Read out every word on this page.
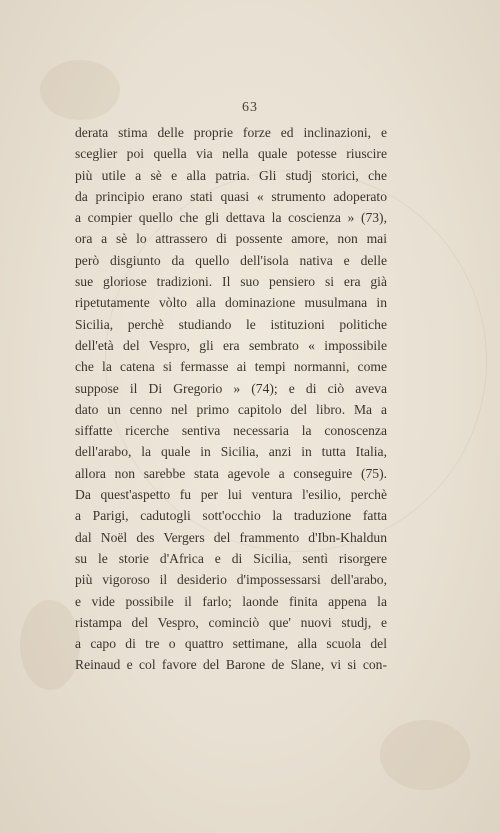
63
derata stima delle proprie forze ed inclinazioni, e
sceglier poi quella via nella quale potesse riuscire
più utile a sè e alla patria. Gli studj storici, che
da principio erano stati quasi « strumento adoperato
a compier quello che gli dettava la coscienza » (73),
ora a sè lo attrassero di possente amore, non mai
però disgiunto da quello dell'isola nativa e delle
sue gloriose tradizioni. Il suo pensiero si era già
ripetutamente vòlto alla dominazione musulmana in
Sicilia, perchè studiando le istituzioni politiche
dell'età del Vespro, gli era sembrato « impossibile
che la catena si fermasse ai tempi normanni, come
suppose il Di Gregorio » (74); e di ciò aveva
dato un cenno nel primo capitolo del libro. Ma a
siffatte ricerche sentiva necessaria la conoscenza
dell'arabo, la quale in Sicilia, anzi in tutta Italia,
allora non sarebbe stata agevole a conseguire (75).
Da quest'aspetto fu per lui ventura l'esilio, perchè
a Parigi, cadutogli sott'occhio la traduzione fatta
dal Noël des Vergers del frammento d'Ibn-Khaldun
su le storie d'Africa e di Sicilia, sentì risorgere
più vigoroso il desiderio d'impossessarsi dell'arabo,
e vide possibile il farlo; laonde finita appena la
ristampa del Vespro, cominciò que' nuovi studj, e
a capo di tre o quattro settimane, alla scuola del
Reinaud e col favore del Barone de Slane, vi si con-
